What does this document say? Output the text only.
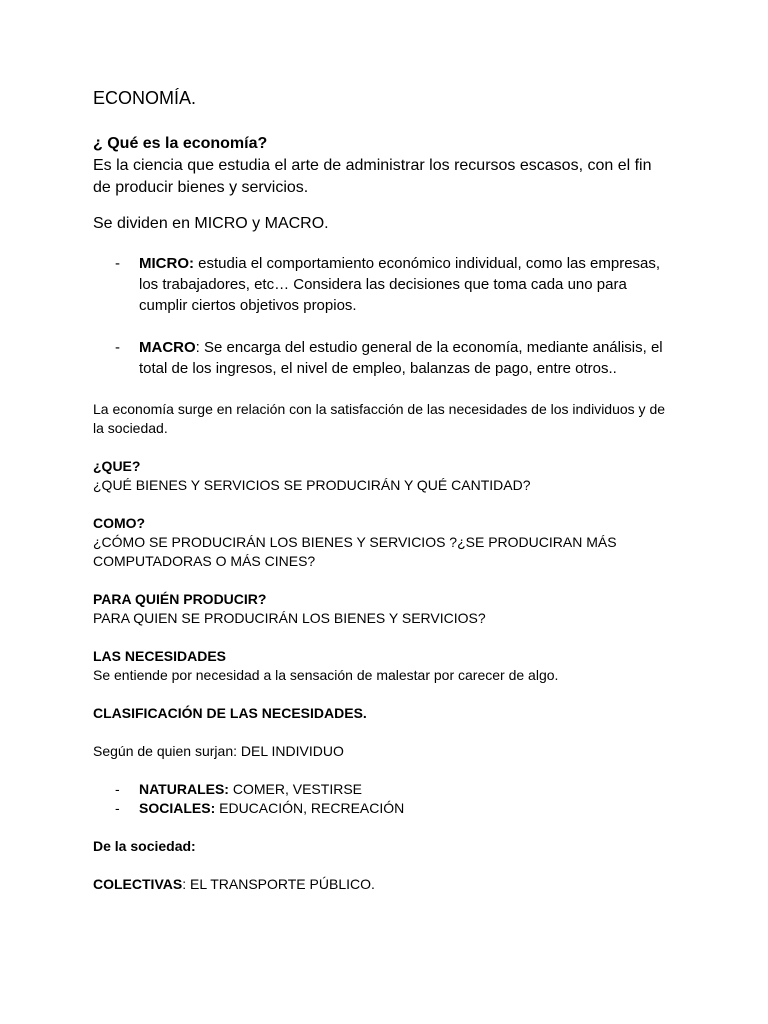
ECONOMÍA.

¿ Qué es la economía?
Es la ciencia que estudia el arte de administrar los recursos escasos, con el fin de producir bienes y servicios.

Se dividen en MICRO y MACRO.

- MICRO: estudia el comportamiento económico individual, como las empresas, los trabajadores, etc… Considera las decisiones que toma cada uno para cumplir ciertos objetivos propios.
- MACRO: Se encarga del estudio general de la economía, mediante análisis, el total de los ingresos, el nivel de empleo, balanzas de pago, entre otros..

La economía surge en relación con la satisfacción de las necesidades de los individuos y de la sociedad.

¿QUE?
¿QUÉ BIENES Y SERVICIOS SE PRODUCIRÁN Y QUÉ CANTIDAD?
COMO?
¿CÓMO SE PRODUCIRÁN LOS BIENES Y SERVICIOS ?¿SE PRODUCIRAN MÁS COMPUTADORAS O MÁS CINES?
PARA QUIÉN PRODUCIR?
PARA QUIEN SE PRODUCIRÁN LOS BIENES Y SERVICIOS?
LAS NECESIDADES
Se entiende por necesidad a la sensación de malestar por carecer de algo.
CLASIFICACIÓN DE LAS NECESIDADES.
Según de quien surjan: DEL INDIVIDUO
- NATURALES: COMER, VESTIRSE
- SOCIALES: EDUCACIÓN, RECREACIÓN
De la sociedad:
COLECTIVAS: EL TRANSPORTE PÚBLICO.
